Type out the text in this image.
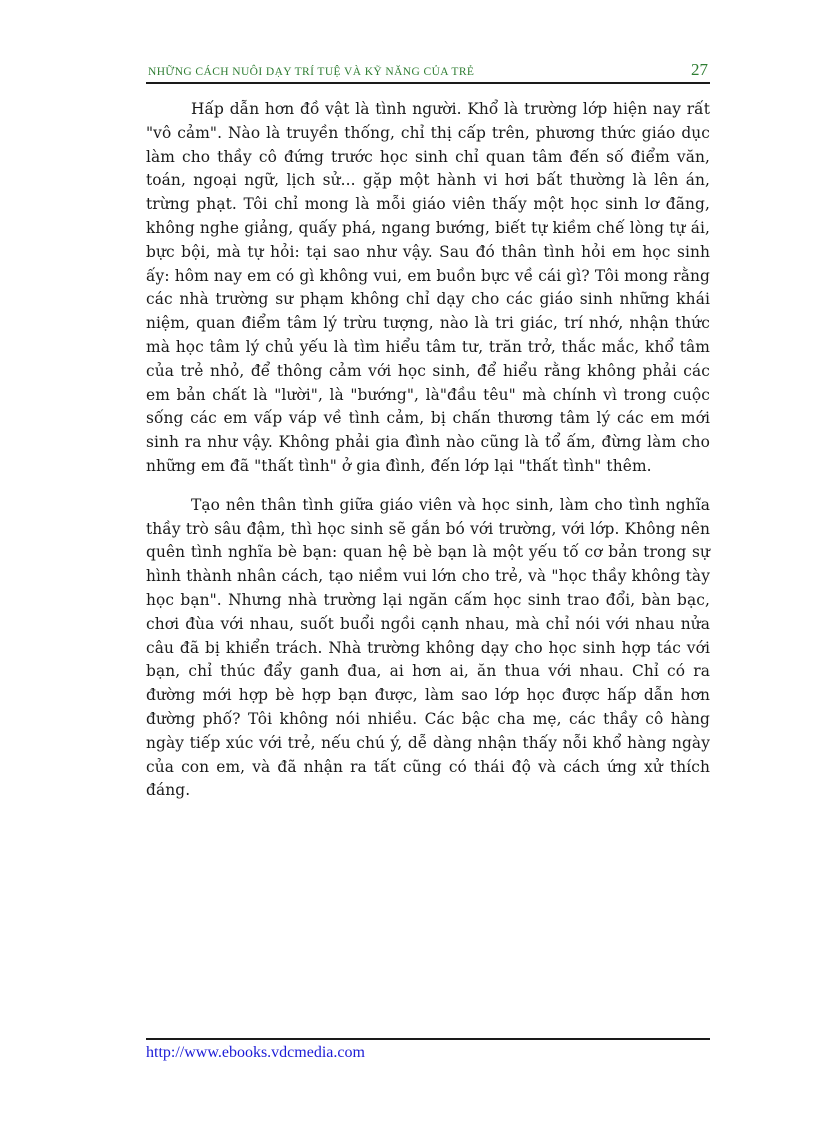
NHỮNG CÁCH NUÔI DẠY TRÍ TUỆ VÀ KỸ NĂNG CỦA TRẺ	27

Hấp dẫn hơn đồ vật là tình người. Khổ là trường lớp hiện nay rất "vô cảm". Nào là truyền thống, chỉ thị cấp trên, phương thức giáo dục làm cho thầy cô đứng trước học sinh chỉ quan tâm đến số điểm văn, toán, ngoại ngữ, lịch sử... gặp một hành vi hơi bất thường là lên án, trừng phạt. Tôi chỉ mong là mỗi giáo viên thấy một học sinh lơ đãng, không nghe giảng, quấy phá, ngang bướng, biết tự kiềm chế lòng tự ái, bực bội, mà tự hỏi: tại sao như vậy. Sau đó thân tình hỏi em học sinh ấy: hôm nay em có gì không vui, em buồn bực về cái gì? Tôi mong rằng các nhà trường sư phạm không chỉ dạy cho các giáo sinh những khái niệm, quan điểm tâm lý trừu tượng, nào là tri giác, trí nhớ, nhận thức mà học tâm lý chủ yếu là tìm hiểu tâm tư, trăn trở, thắc mắc, khổ tâm của trẻ nhỏ, để thông cảm với học sinh, để hiểu rằng không phải các em bản chất là "lười", là "bướng", là"đầu têu" mà chính vì trong cuộc sống các em vấp váp về tình cảm, bị chấn thương tâm lý các em mới sinh ra như vậy. Không phải gia đình nào cũng là tổ ấm, đừng làm cho những em đã "thất tình" ở gia đình, đến lớp lại "thất tình" thêm.

Tạo nên thân tình giữa giáo viên và học sinh, làm cho tình nghĩa thầy trò sâu đậm, thì học sinh sẽ gắn bó với trường, với lớp. Không nên quên tình nghĩa bè bạn: quan hệ bè bạn là một yếu tố cơ bản trong sự hình thành nhân cách, tạo niềm vui lớn cho trẻ, và "học thầy không tày học bạn". Nhưng nhà trường lại ngăn cấm học sinh trao đổi, bàn bạc, chơi đùa với nhau, suốt buổi ngồi cạnh nhau, mà chỉ nói với nhau nửa câu đã bị khiển trách. Nhà trường không dạy cho học sinh hợp tác với bạn, chỉ thúc đẩy ganh đua, ai hơn ai, ăn thua với nhau. Chỉ có ra đường mới hợp bè hợp bạn được, làm sao lớp học được hấp dẫn hơn đường phố? Tôi không nói nhiều. Các bậc cha mẹ, các thầy cô hàng ngày tiếp xúc với trẻ, nếu chú ý, dễ dàng nhận thấy nỗi khổ hàng ngày của con em, và đã nhận ra tất cũng có thái độ và cách ứng xử thích đáng.

http://www.ebooks.vdcmedia.com
